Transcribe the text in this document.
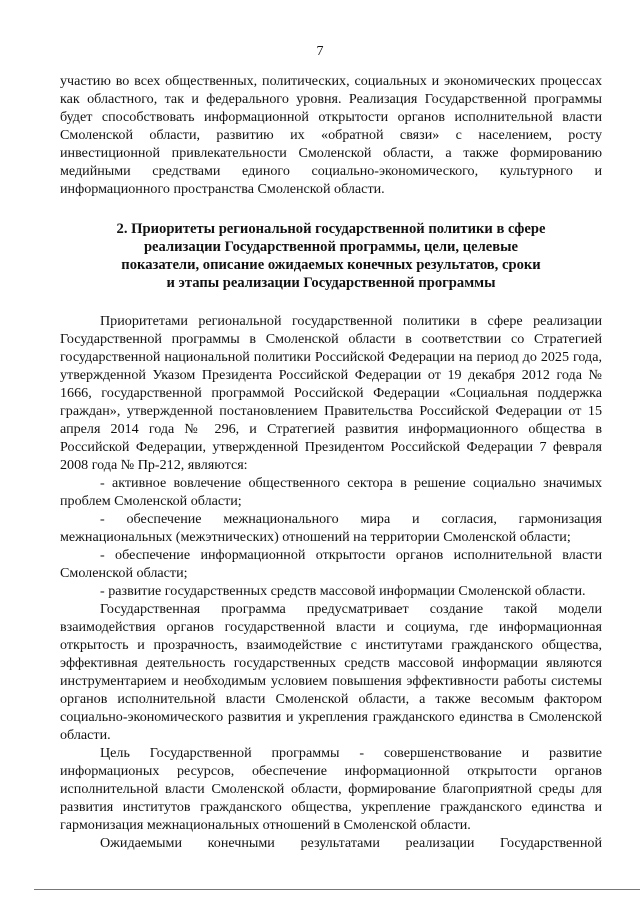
7

участию во всех общественных, политических, социальных и экономических процессах как областного, так и федерального уровня. Реализация Государственной программы будет способствовать информационной открытости органов исполнительной власти Смоленской области, развитию их «обратной связи» с населением, росту инвестиционной привлекательности Смоленской области, а также формированию медийными средствами единого социально-экономического, культурного и информационного пространства Смоленской области.

2. Приоритеты региональной государственной политики в сфере
реализации Государственной программы, цели, целевые
показатели, описание ожидаемых конечных результатов, сроки
и этапы реализации Государственной программы

Приоритетами региональной государственной политики в сфере реализации Государственной программы в Смоленской области в соответствии со Стратегией государственной национальной политики Российской Федерации на период до 2025 года, утвержденной Указом Президента Российской Федерации от 19 декабря 2012 года № 1666, государственной программой Российской Федерации «Социальная поддержка граждан», утвержденной постановлением Правительства Российской Федерации от 15 апреля 2014 года № 296, и Стратегией развития информационного общества в Российской Федерации, утвержденной Президентом Российской Федерации 7 февраля 2008 года № Пр-212, являются:

- активное вовлечение общественного сектора в решение социально значимых проблем Смоленской области;

- обеспечение межнационального мира и согласия, гармонизация межнациональных (межэтнических) отношений на территории Смоленской области;

- обеспечение информационной открытости органов исполнительной власти Смоленской области;

- развитие государственных средств массовой информации Смоленской области.

Государственная программа предусматривает создание такой модели взаимодействия органов государственной власти и социума, где информационная открытость и прозрачность, взаимодействие с институтами гражданского общества, эффективная деятельность государственных средств массовой информации являются инструментарием и необходимым условием повышения эффективности работы системы органов исполнительной власти Смоленской области, а также весомым фактором социально-экономического развития и укрепления гражданского единства в Смоленской области.

Цель Государственной программы - совершенствование и развитие информационых ресурсов, обеспечение информационной открытости органов исполнительной власти Смоленской области, формирование благоприятной среды для развития институтов гражданского общества, укрепление гражданского единства и гармонизация межнациональных отношений в Смоленской области.

Ожидаемыми конечными результатами реализации Государственной
